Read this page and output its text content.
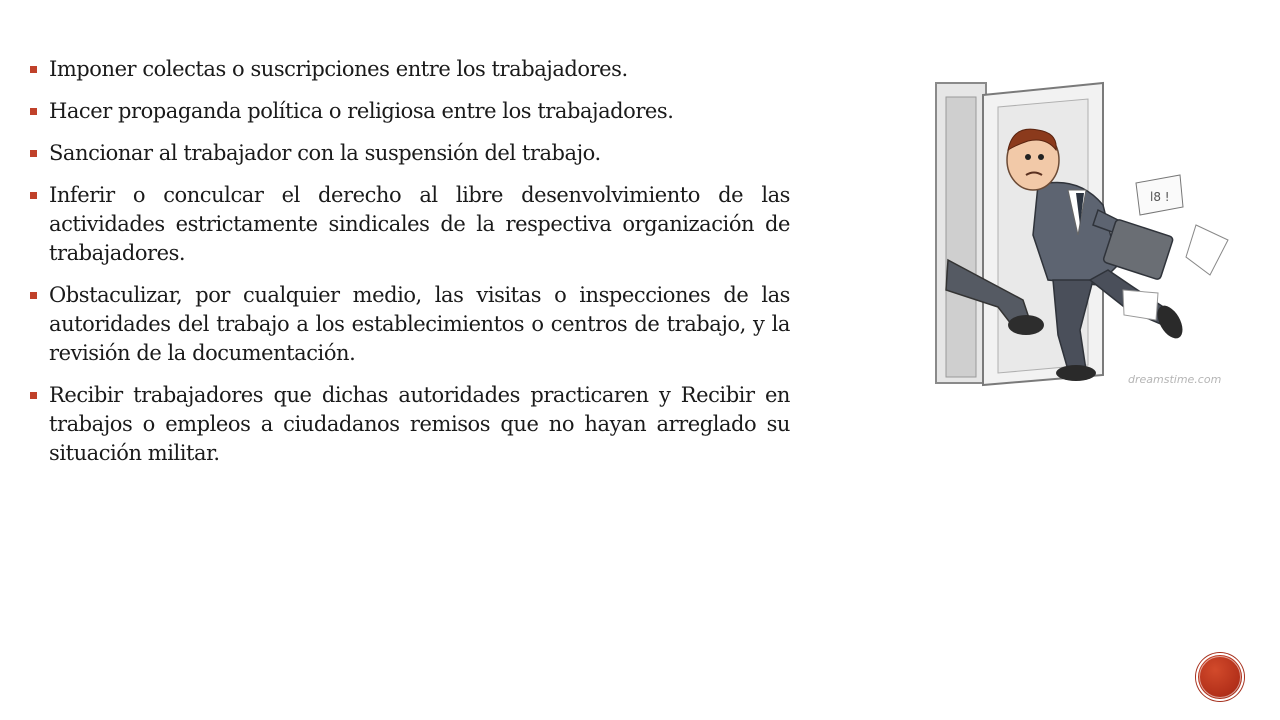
Imponer colectas o suscripciones entre los trabajadores.
Hacer propaganda política o religiosa entre los trabajadores.
Sancionar al trabajador con la suspensión del trabajo.
Inferir o conculcar el derecho al libre desenvolvimiento de las actividades estrictamente sindicales de la respectiva organización de trabajadores.
Obstaculizar, por cualquier medio, las visitas o inspecciones de las autoridades del trabajo a los establecimientos o centros de trabajo, y la revisión de la documentación.
Recibir trabajadores que dichas autoridades practicaren y Recibir en trabajos o empleos a ciudadanos remisos que no hayan arreglado su situación militar.
l8 !
dreamstime.com
